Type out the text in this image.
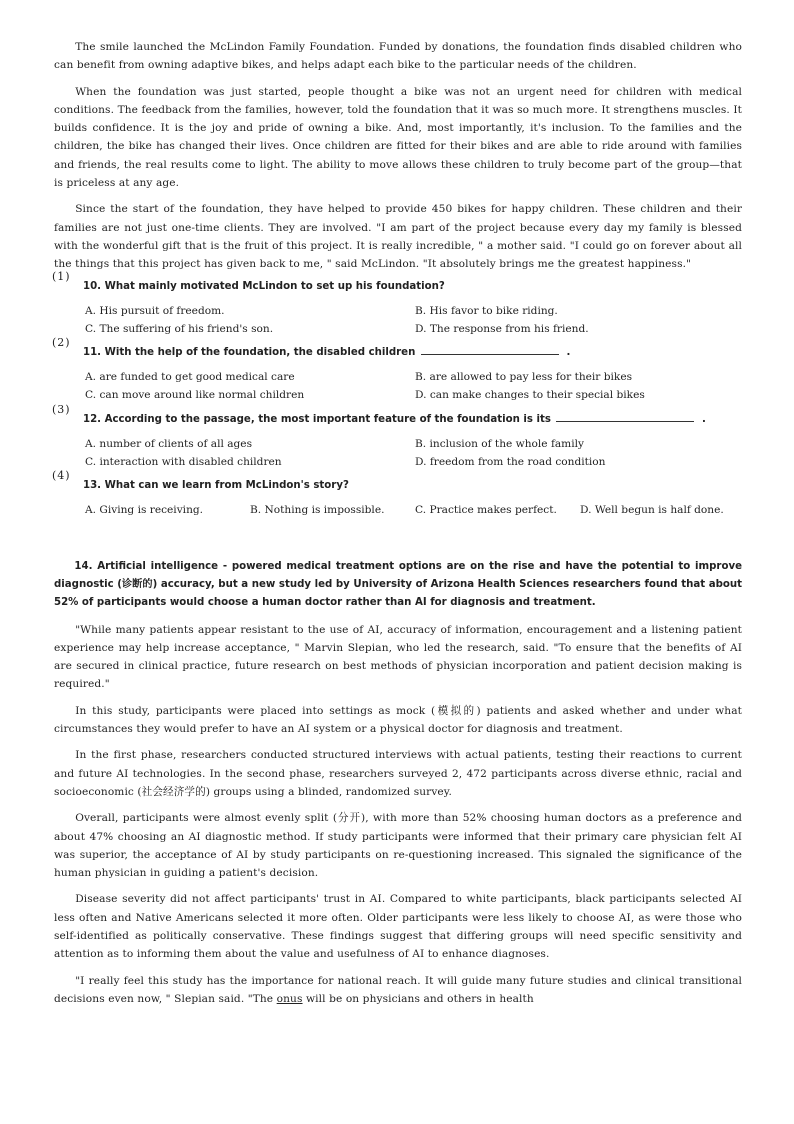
The smile launched the McLindon Family Foundation. Funded by donations, the foundation finds disabled children who can benefit from owning adaptive bikes, and helps adapt each bike to the particular needs of the children.

When the foundation was just started, people thought a bike was not an urgent need for children with medical conditions. The feedback from the families, however, told the foundation that it was so much more. It strengthens muscles. It builds confidence. It is the joy and pride of owning a bike. And, most importantly, it's inclusion. To the families and the children, the bike has changed their lives. Once children are fitted for their bikes and are able to ride around with families and friends, the real results come to light. The ability to move allows these children to truly become part of the group—that is priceless at any age.

Since the start of the foundation, they have helped to provide 450 bikes for happy children. These children and their families are not just one-time clients. They are involved. "I am part of the project because every day my family is blessed with the wonderful gift that is the fruit of this project. It is really incredible, " a mother said. "I could go on forever about all the things that this project has given back to me, " said McLindon. "It absolutely brings me the greatest happiness."

(1)
10. What mainly motivated McLindon to set up his foundation?
A. His pursuit of freedom.	B. His favor to bike riding.
C. The suffering of his friend's son.	D. The response from his friend.
(2)
11. With the help of the foundation, the disabled children	.
A. are funded to get good medical care	B. are allowed to pay less for their bikes
C. can move around like normal children	D. can make changes to their special bikes
(3)
12. According to the passage, the most important feature of the foundation is its	.
A. number of clients of all ages	B. inclusion of the whole family
C. interaction with disabled children	D. freedom from the road condition
(4)
13. What can we learn from McLindon's story?
A. Giving is receiving.	B. Nothing is impossible.	C. Practice makes perfect.	D. Well begun is half done.

14. Artificial intelligence - powered medical treatment options are on the rise and have the potential to improve diagnostic (诊断的) accuracy, but a new study led by University of Arizona Health Sciences researchers found that about 52% of participants would choose a human doctor rather than AI for diagnosis and treatment.

"While many patients appear resistant to the use of AI, accuracy of information, encouragement and a listening patient experience may help increase acceptance, " Marvin Slepian, who led the research, said. "To ensure that the benefits of AI are secured in clinical practice, future research on best methods of physician incorporation and patient decision making is required."

In this study, participants were placed into settings as mock (模拟的) patients and asked whether and under what circumstances they would prefer to have an AI system or a physical doctor for diagnosis and treatment.

In the first phase, researchers conducted structured interviews with actual patients, testing their reactions to current and future AI technologies. In the second phase, researchers surveyed 2, 472 participants across diverse ethnic, racial and socioeconomic (社会经济学的) groups using a blinded, randomized survey.

Overall, participants were almost evenly split (分开), with more than 52% choosing human doctors as a preference and about 47% choosing an AI diagnostic method. If study participants were informed that their primary care physician felt AI was superior, the acceptance of AI by study participants on re-questioning increased. This signaled the significance of the human physician in guiding a patient's decision.

Disease severity did not affect participants' trust in AI. Compared to white participants, black participants selected AI less often and Native Americans selected it more often. Older participants were less likely to choose AI, as were those who self-identified as politically conservative. These findings suggest that differing groups will need specific sensitivity and attention as to informing them about the value and usefulness of AI to enhance diagnoses.

"I really feel this study has the importance for national reach. It will guide many future studies and clinical transitional decisions even now, " Slepian said. "The onus will be on physicians and others in health
